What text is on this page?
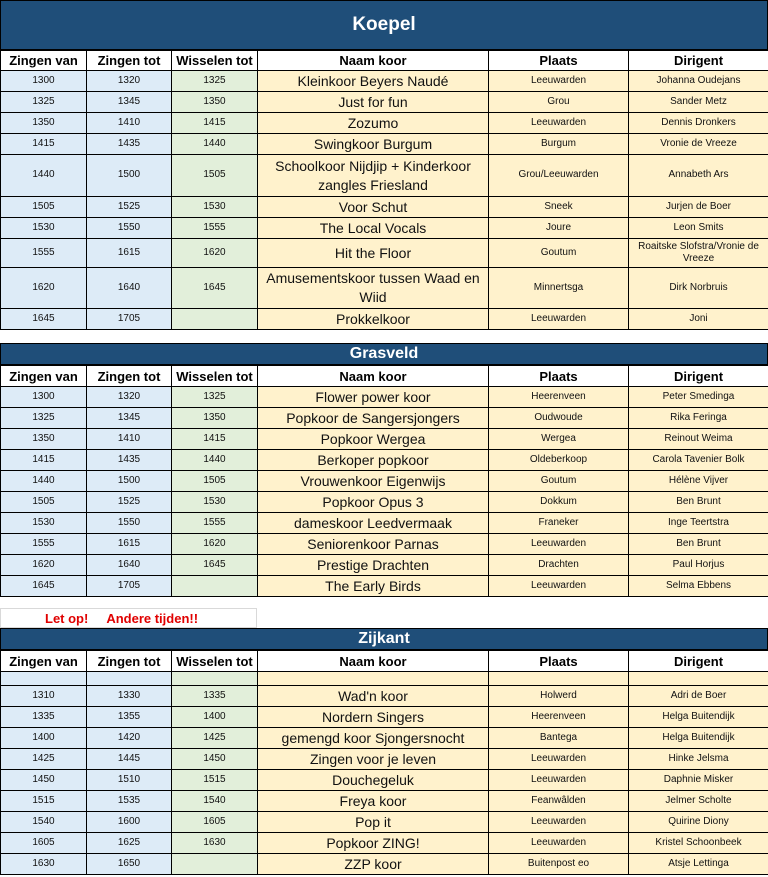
Koepel
Zingen van	Zingen tot	Wisselen tot	Naam koor	Plaats	Dirigent
1300	1320	1325	Kleinkoor Beyers Naudé	Leeuwarden	Johanna Oudejans
1325	1345	1350	Just for fun	Grou	Sander Metz
1350	1410	1415	Zozumo	Leeuwarden	Dennis Dronkers
1415	1435	1440	Swingkoor Burgum	Burgum	Vronie de Vreeze
1440	1500	1505	Schoolkoor Nijdjip + Kinderkoor zangles Friesland	Grou/Leeuwarden	Annabeth Ars
1505	1525	1530	Voor Schut	Sneek	Jurjen de Boer
1530	1550	1555	The Local Vocals	Joure	Leon Smits
1555	1615	1620	Hit the Floor	Goutum	Roaitske Slofstra/Vronie de Vreeze
1620	1640	1645	Amusementskoor tussen Waad en Wiid	Minnertsga	Dirk Norbruis
1645	1705		Prokkelkoor	Leeuwarden	Joni
Grasveld
Zingen van	Zingen tot	Wisselen tot	Naam koor	Plaats	Dirigent
1300	1320	1325	Flower power koor	Heerenveen	Peter Smedinga
1325	1345	1350	Popkoor de Sangersjongers	Oudwoude	Rika Feringa
1350	1410	1415	Popkoor Wergea	Wergea	Reinout Weima
1415	1435	1440	Berkoper popkoor	Oldeberkoop	Carola Tavenier Bolk
1440	1500	1505	Vrouwenkoor Eigenwijs	Goutum	Hélène Vijver
1505	1525	1530	Popkoor Opus 3	Dokkum	Ben Brunt
1530	1550	1555	dameskoor Leedvermaak	Franeker	Inge Teertstra
1555	1615	1620	Seniorenkoor Parnas	Leeuwarden	Ben Brunt
1620	1640	1645	Prestige Drachten	Drachten	Paul Horjus
1645	1705		The Early Birds	Leeuwarden	Selma Ebbens
Let op! Andere tijden!!
Zijkant
Zingen van	Zingen tot	Wisselen tot	Naam koor	Plaats	Dirigent

1310	1330	1335	Wad'n koor	Holwerd	Adri de Boer
1335	1355	1400	Nordern Singers	Heerenveen	Helga Buitendijk
1400	1420	1425	gemengd koor Sjongersnocht	Bantega	Helga Buitendijk
1425	1445	1450	Zingen voor je leven	Leeuwarden	Hinke Jelsma
1450	1510	1515	Douchegeluk	Leeuwarden	Daphnie Misker
1515	1535	1540	Freya koor	Feanwâlden	Jelmer Scholte
1540	1600	1605	Pop it	Leeuwarden	Quirine Diony
1605	1625	1630	Popkoor ZING!	Leeuwarden	Kristel Schoonbeek
1630	1650		ZZP koor	Buitenpost eo	Atsje Lettinga
